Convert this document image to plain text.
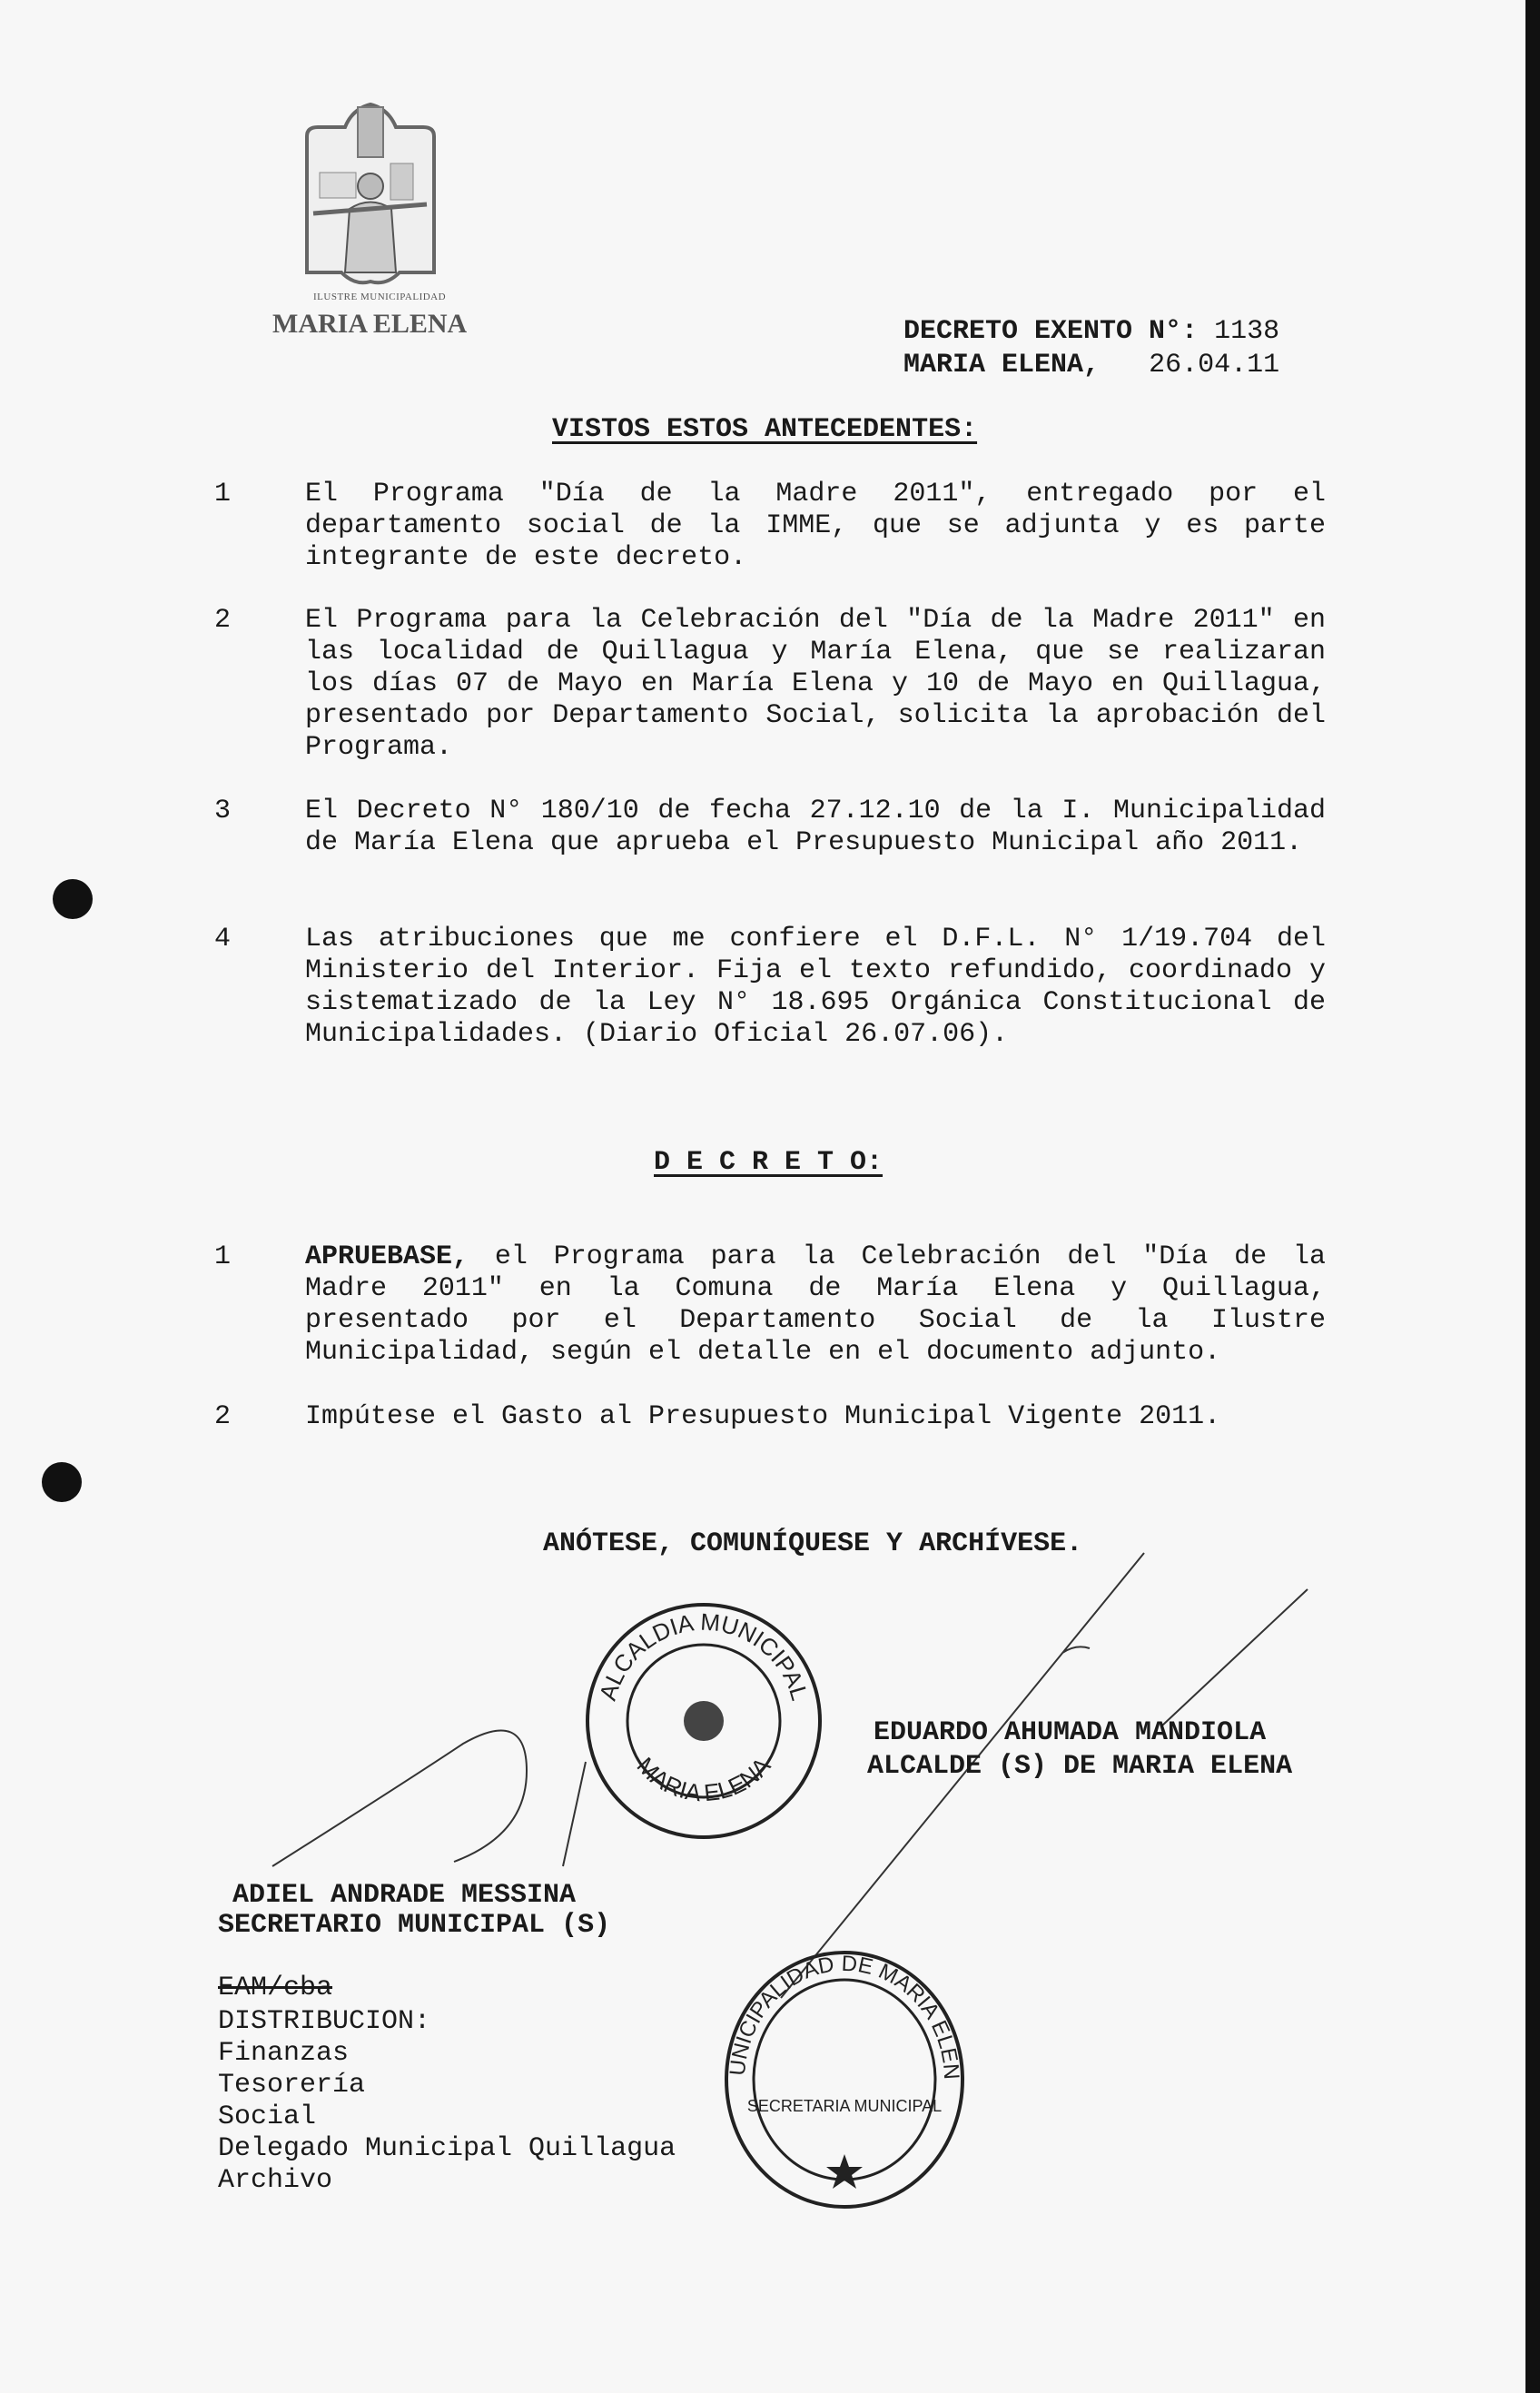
ILUSTRE MUNICIPALIDAD
MARIA ELENA	DECRETO EXENTO N°: 1138
MARIA ELENA, 26.04.11
VISTOS ESTOS ANTECEDENTES:
1	El Programa "Día de la Madre 2011", entregado por el departamento social de la IMME, que se adjunta y es parte integrante de este decreto.
2	El Programa para la Celebración del "Día de la Madre 2011" en las localidad de Quillagua y María Elena, que se realizaran los días 07 de Mayo en María Elena y 10 de Mayo en Quillagua, presentado por Departamento Social, solicita la aprobación del Programa.
3	El Decreto N° 180/10 de fecha 27.12.10 de la I. Municipalidad de María Elena que aprueba el Presupuesto Municipal año 2011.
4	Las atribuciones que me confiere el D.F.L. N° 1/19.704 del Ministerio del Interior. Fija el texto refundido, coordinado y sistematizado de la Ley N° 18.695 Orgánica Constitucional de Municipalidades. (Diario Oficial 26.07.06).
D E C R E T O:
1	APRUEBASE, el Programa para la Celebración del "Día de la Madre 2011" en la Comuna de María Elena y Quillagua, presentado por el Departamento Social de la Ilustre Municipalidad, según el detalle en el documento adjunto.
2	Impútese el Gasto al Presupuesto Municipal Vigente 2011.
ANÓTESE, COMUNÍQUESE Y ARCHÍVESE.
ALCALDIA MUNICIPAL
MARIA ELENA
EDUARDO AHUMADA MANDIOLA
ALCALDE (S) DE MARIA ELENA
UNICIPALIDAD DE MARIA ELEN
SECRETARIA MUNICIPAL
ADIEL ANDRADE MESSINA
SECRETARIO MUNICIPAL (S)
EAM/cba
DISTRIBUCION:
Finanzas
Tesorería
Social
Delegado Municipal Quillagua
Archivo
